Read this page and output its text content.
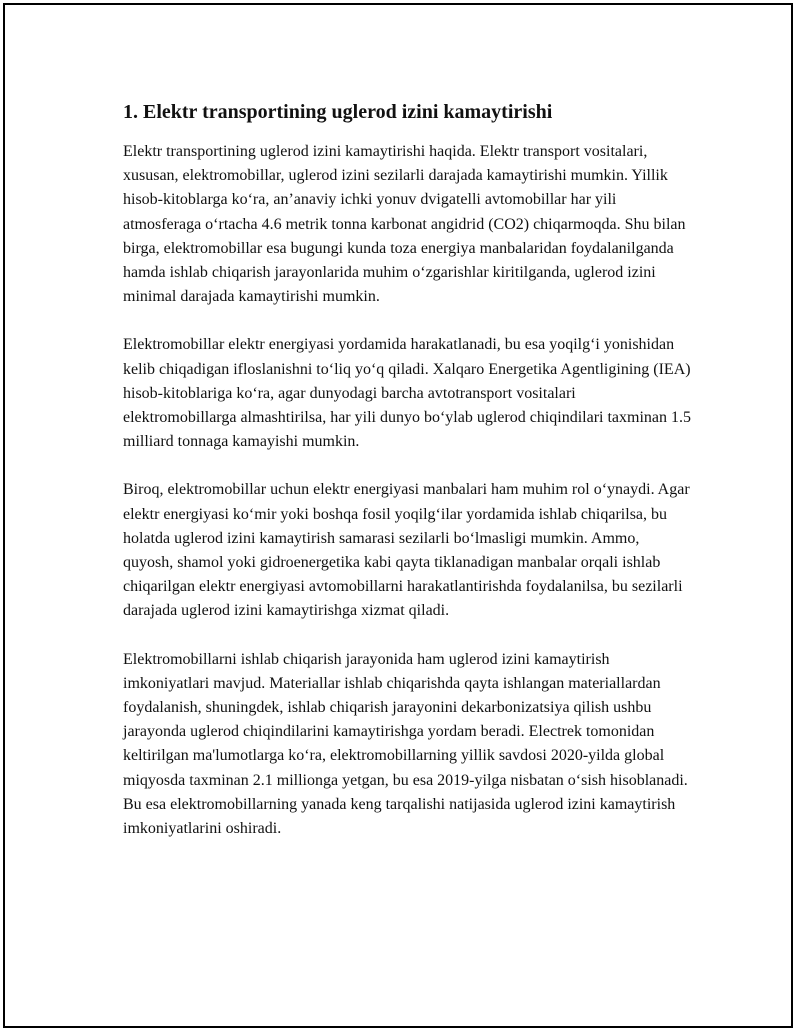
1. Elektr transportining uglerod izini kamaytirishi

Elektr transportining uglerod izini kamaytirishi haqida. Elektr transport vositalari, xususan, elektromobillar, uglerod izini sezilarli darajada kamaytirishi mumkin. Yillik hisob-kitoblarga ko‘ra, an’anaviy ichki yonuv dvigatelli avtomobillar har yili atmosferaga o‘rtacha 4.6 metrik tonna karbonat angidrid (CO2) chiqarmoqda. Shu bilan birga, elektromobillar esa bugungi kunda toza energiya manbalaridan foydalanilganda hamda ishlab chiqarish jarayonlarida muhim o‘zgarishlar kiritilganda, uglerod izini minimal darajada kamaytirishi mumkin.

Elektromobillar elektr energiyasi yordamida harakatlanadi, bu esa yoqilg‘i yonishidan kelib chiqadigan ifloslanishni to‘liq yo‘q qiladi. Xalqaro Energetika Agentligining (IEA) hisob-kitoblariga ko‘ra, agar dunyodagi barcha avtotransport vositalari elektromobillarga almashtirilsa, har yili dunyo bo‘ylab uglerod chiqindilari taxminan 1.5 milliard tonnaga kamayishi mumkin.

Biroq, elektromobillar uchun elektr energiyasi manbalari ham muhim rol o‘ynaydi. Agar elektr energiyasi ko‘mir yoki boshqa fosil yoqilg‘ilar yordamida ishlab chiqarilsa, bu holatda uglerod izini kamaytirish samarasi sezilarli bo‘lmasligi mumkin. Ammo, quyosh, shamol yoki gidroenergetika kabi qayta tiklanadigan manbalar orqali ishlab chiqarilgan elektr energiyasi avtomobillarni harakatlantirishda foydalanilsa, bu sezilarli darajada uglerod izini kamaytirishga xizmat qiladi.

Elektromobillarni ishlab chiqarish jarayonida ham uglerod izini kamaytirish imkoniyatlari mavjud. Materiallar ishlab chiqarishda qayta ishlangan materiallardan foydalanish, shuningdek, ishlab chiqarish jarayonini dekarbonizatsiya qilish ushbu jarayonda uglerod chiqindilarini kamaytirishga yordam beradi. Electrek tomonidan keltirilgan ma'lumotlarga ko‘ra, elektromobillarning yillik savdosi 2020-yilda global miqyosda taxminan 2.1 millionga yetgan, bu esa 2019-yilga nisbatan o‘sish hisoblanadi. Bu esa elektromobillarning yanada keng tarqalishi natijasida uglerod izini kamaytirish imkoniyatlarini oshiradi.
